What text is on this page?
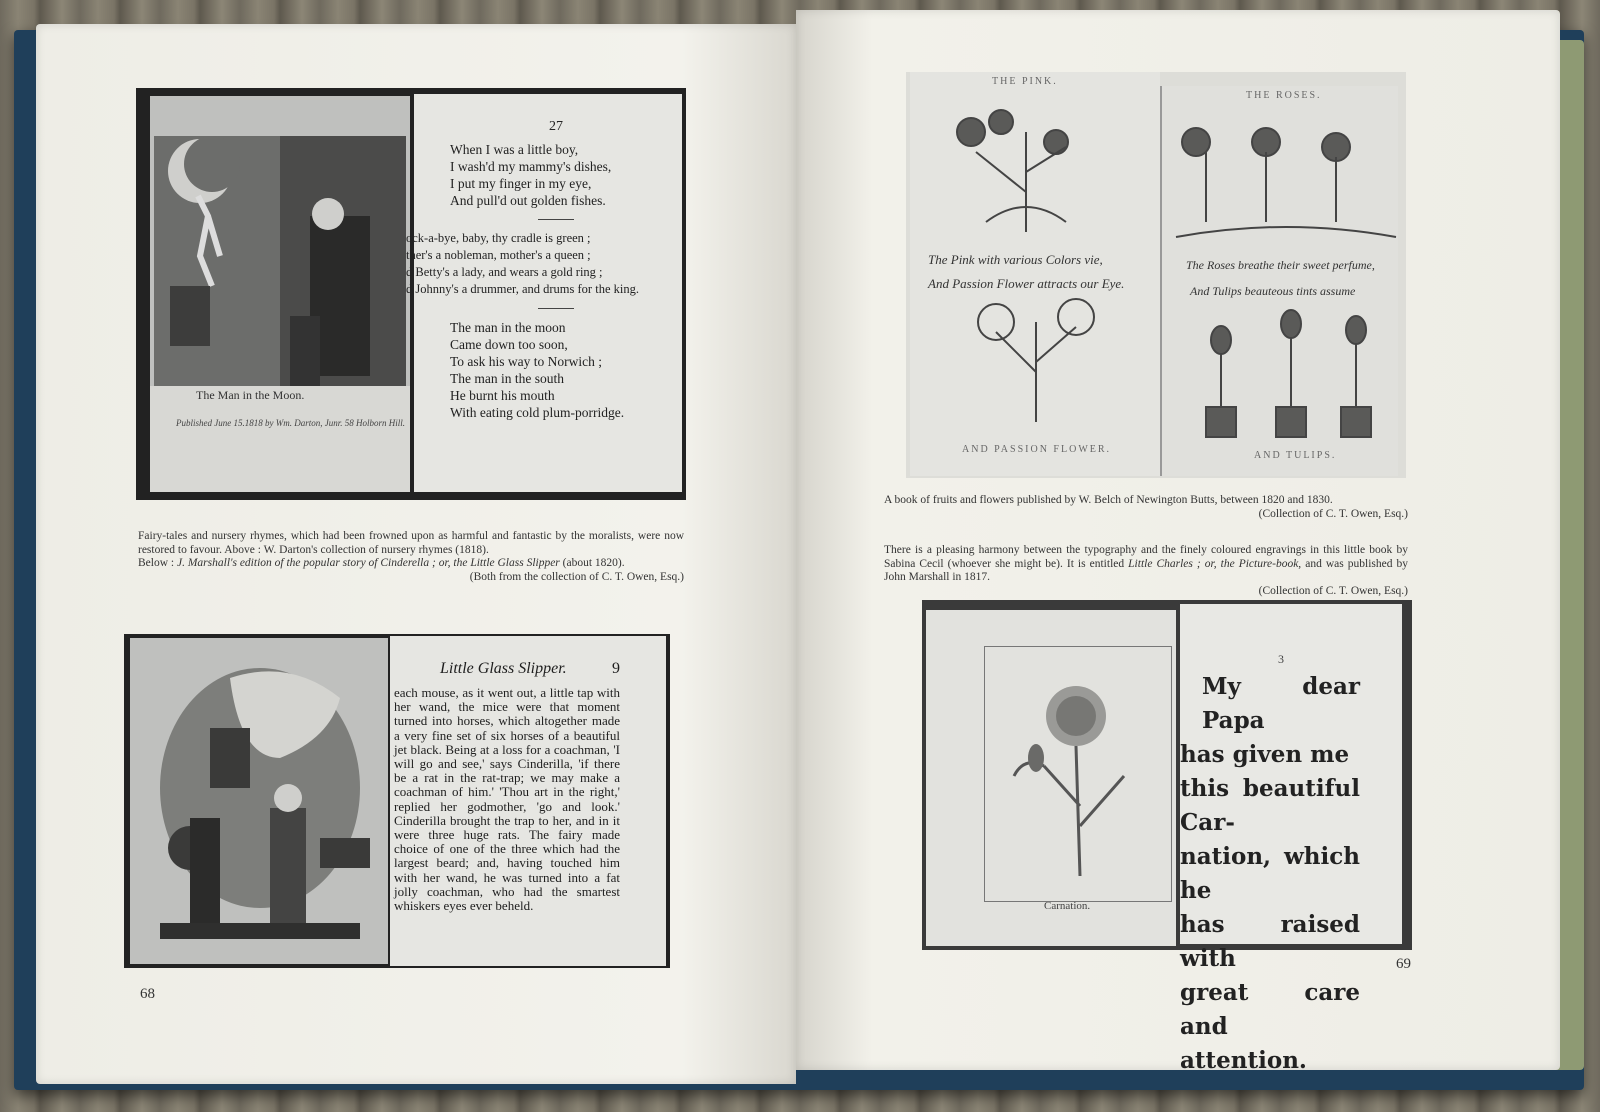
The Man in the Moon.
Published June 15.1818 by Wm. Darton, Junr. 58 Holborn Hill.
27
When I was a little boy,
I wash'd my mammy's dishes,
I put my finger in my eye,
And pull'd out golden fishes.
ock-a-bye, baby, thy cradle is green ;
ther's a nobleman, mother's a queen ;
d Betty's a lady, and wears a gold ring ;
d Johnny's a drummer, and drums for the king.
The man in the moon
Came down too soon,
To ask his way to Norwich ;
The man in the south
He burnt his mouth
With eating cold plum-porridge.
Fairy-tales and nursery rhymes, which had been frowned upon as harmful and fantastic by the moralists, were now restored to favour. Above : W. Darton's collection of nursery rhymes (1818).
Below : J. Marshall's edition of the popular story of Cinderella ; or, the Little Glass Slipper (about 1820).
(Both from the collection of C. T. Owen, Esq.)
Little Glass Slipper.	9
each mouse, as it went out, a little tap with her wand, the mice were that moment turned into horses, which altogether made a very fine set of six horses of a beautiful jet black. Being at a loss for a coachman, 'I will go and see,' says Cinderilla, 'if there be a rat in the rat-trap; we may make a coachman of him.' 'Thou art in the right,' replied her godmother, 'go and look.' Cinderilla brought the trap to her, and in it were three huge rats. The fairy made choice of one of the three which had the largest beard; and, having touched him with her wand, he was turned into a fat jolly coachman, who had the smartest whiskers eyes ever beheld.
68
THE PINK.
THE ROSES.
The Pink with various Colors vie,
And Passion Flower attracts our Eye.
The Roses breathe their sweet perfume,
And Tulips beauteous tints assume
AND PASSION FLOWER.
AND TULIPS.
A book of fruits and flowers published by W. Belch of Newington Butts, between 1820 and 1830.
(Collection of C. T. Owen, Esq.)
There is a pleasing harmony between the typography and the finely coloured engravings in this little book by Sabina Cecil (whoever she might be). It is entitled Little Charles ; or, the Picture-book, and was published by John Marshall in 1817.
(Collection of C. T. Owen, Esq.)
Carnation.
3
My dear Papa
has given me
this beautiful Car-
nation, which he
has raised with
great care and
attention.
69
